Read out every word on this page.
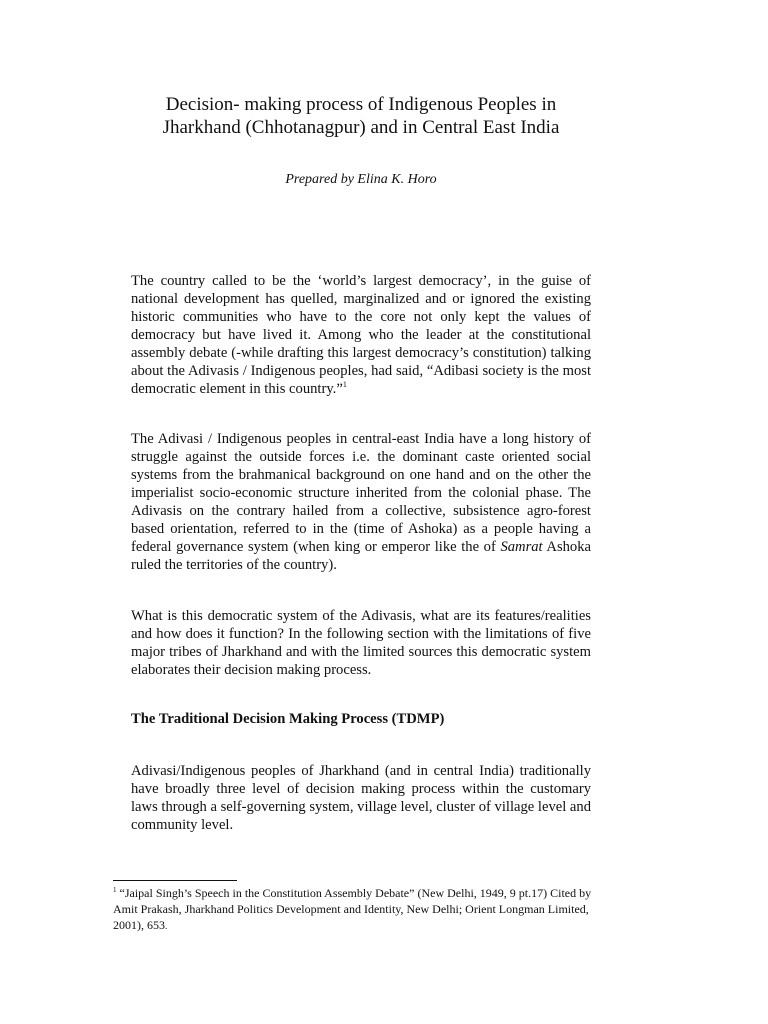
Decision- making process of Indigenous Peoples in
Jharkhand (Chhotanagpur) and in Central East India

Prepared by Elina K. Horo

The country called to be the ‘world’s largest democracy’, in the guise of national development has quelled, marginalized and or ignored the existing historic communities who have to the core not only kept the values of democracy but have lived it. Among who the leader at the constitutional assembly debate (-while drafting this largest democracy’s constitution) talking about the Adivasis / Indigenous peoples, had said, “Adibasi society is the most democratic element in this country.”$^1$

The Adivasi / Indigenous peoples in central-east India have a long history of struggle against the outside forces i.e. the dominant caste oriented social systems from the brahmanical background on one hand and on the other the imperialist socio-economic structure inherited from the colonial phase. The Adivasis on the contrary hailed from a collective, subsistence agro-forest based orientation, referred to in the (time of Ashoka) as a people having a federal governance system (when king or emperor like the of Samrat Ashoka ruled the territories of the country).

What is this democratic system of the Adivasis, what are its features/realities and how does it function? In the following section with the limitations of five major tribes of Jharkhand and with the limited sources this democratic system elaborates their decision making process.

The Traditional Decision Making Process (TDMP)

Adivasi/Indigenous peoples of Jharkhand (and in central India) traditionally have broadly three level of decision making process within the customary laws through a self-governing system, village level, cluster of village level and community level.

$^1$ “Jaipal Singh’s Speech in the Constitution Assembly Debate” (New Delhi, 1949, 9 pt.17) Cited by Amit Prakash, Jharkhand Politics Development and Identity, New Delhi; Orient Longman Limited, 2001), 653.
